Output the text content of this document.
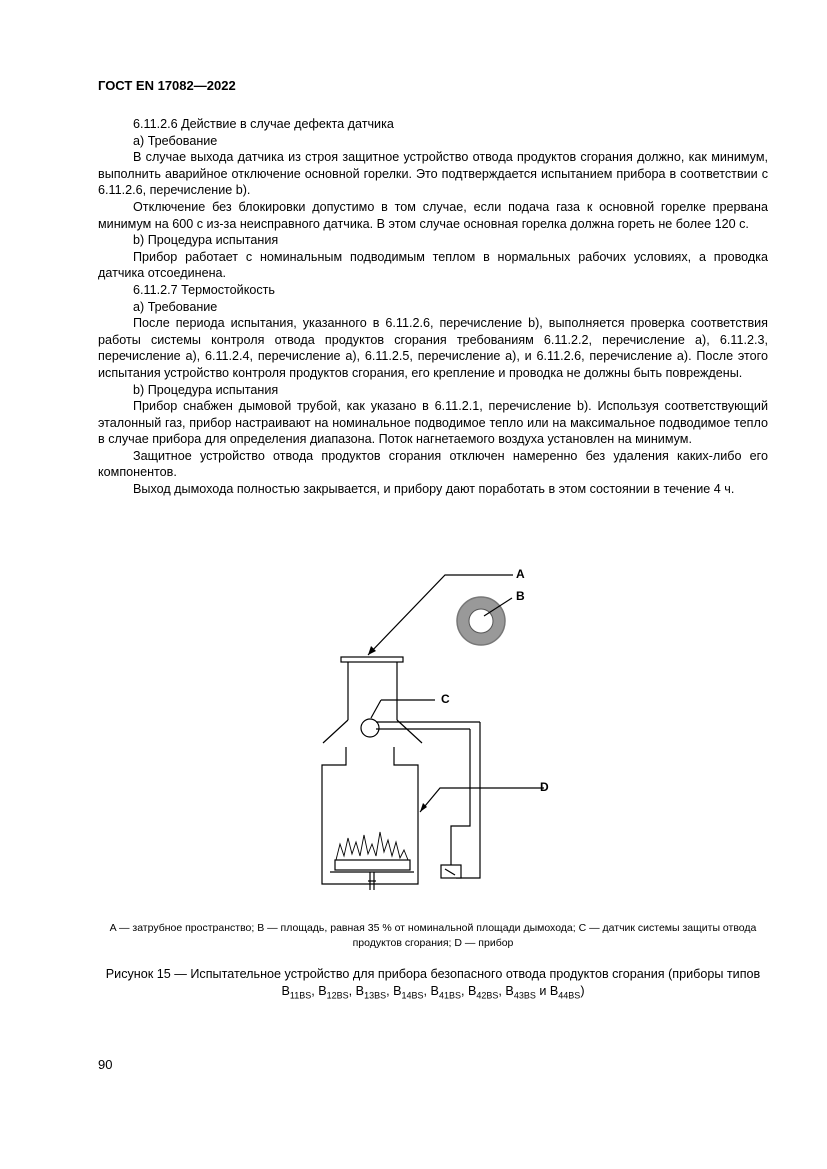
ГОСТ EN 17082—2022

6.11.2.6 Действие в случае дефекта датчика

a) Требование

В случае выхода датчика из строя защитное устройство отвода продуктов сгорания должно, как минимум, выполнить аварийное отключение основной горелки. Это подтверждается испытанием прибора в соответствии с 6.11.2.6, перечисление b).

Отключение без блокировки допустимо в том случае, если подача газа к основной горелке прервана минимум на 600 с из-за неисправного датчика. В этом случае основная горелка должна гореть не более 120 с.

b) Процедура испытания

Прибор работает с номинальным подводимым теплом в нормальных рабочих условиях, а проводка датчика отсоединена.

6.11.2.7 Термостойкость

a) Требование

После периода испытания, указанного в 6.11.2.6, перечисление b), выполняется проверка соответствия работы системы контроля отвода продуктов сгорания требованиям 6.11.2.2, перечисление a), 6.11.2.3, перечисление a), 6.11.2.4, перечисление a), 6.11.2.5, перечисление a), и 6.11.2.6, перечисление a). После этого испытания устройство контроля продуктов сгорания, его крепление и проводка не должны быть повреждены.

b) Процедура испытания

Прибор снабжен дымовой трубой, как указано в 6.11.2.1, перечисление b). Используя соответствующий эталонный газ, прибор настраивают на номинальное подводимое тепло или на максимальное подводимое тепло в случае прибора для определения диапазона. Поток нагнетаемого воздуха установлен на минимум.

Защитное устройство отвода продуктов сгорания отключен намеренно без удаления каких-либо его компонентов.

Выход дымохода полностью закрывается, и прибору дают поработать в этом состоянии в течение 4 ч.

A
B
C
D
A — затрубное пространство; B — площадь, равная 35 % от номинальной площади дымохода; C — датчик системы защиты отвода продуктов сгорания; D — прибор
Рисунок 15 — Испытательное устройство для прибора безопасного отвода продуктов сгорания (приборы типов
$B_{11BS}$, $B_{12BS}$, $B_{13BS}$, $B_{14BS}$, $B_{41BS}$, $B_{42BS}$, $B_{43BS}$ и $B_{44BS}$)
90
